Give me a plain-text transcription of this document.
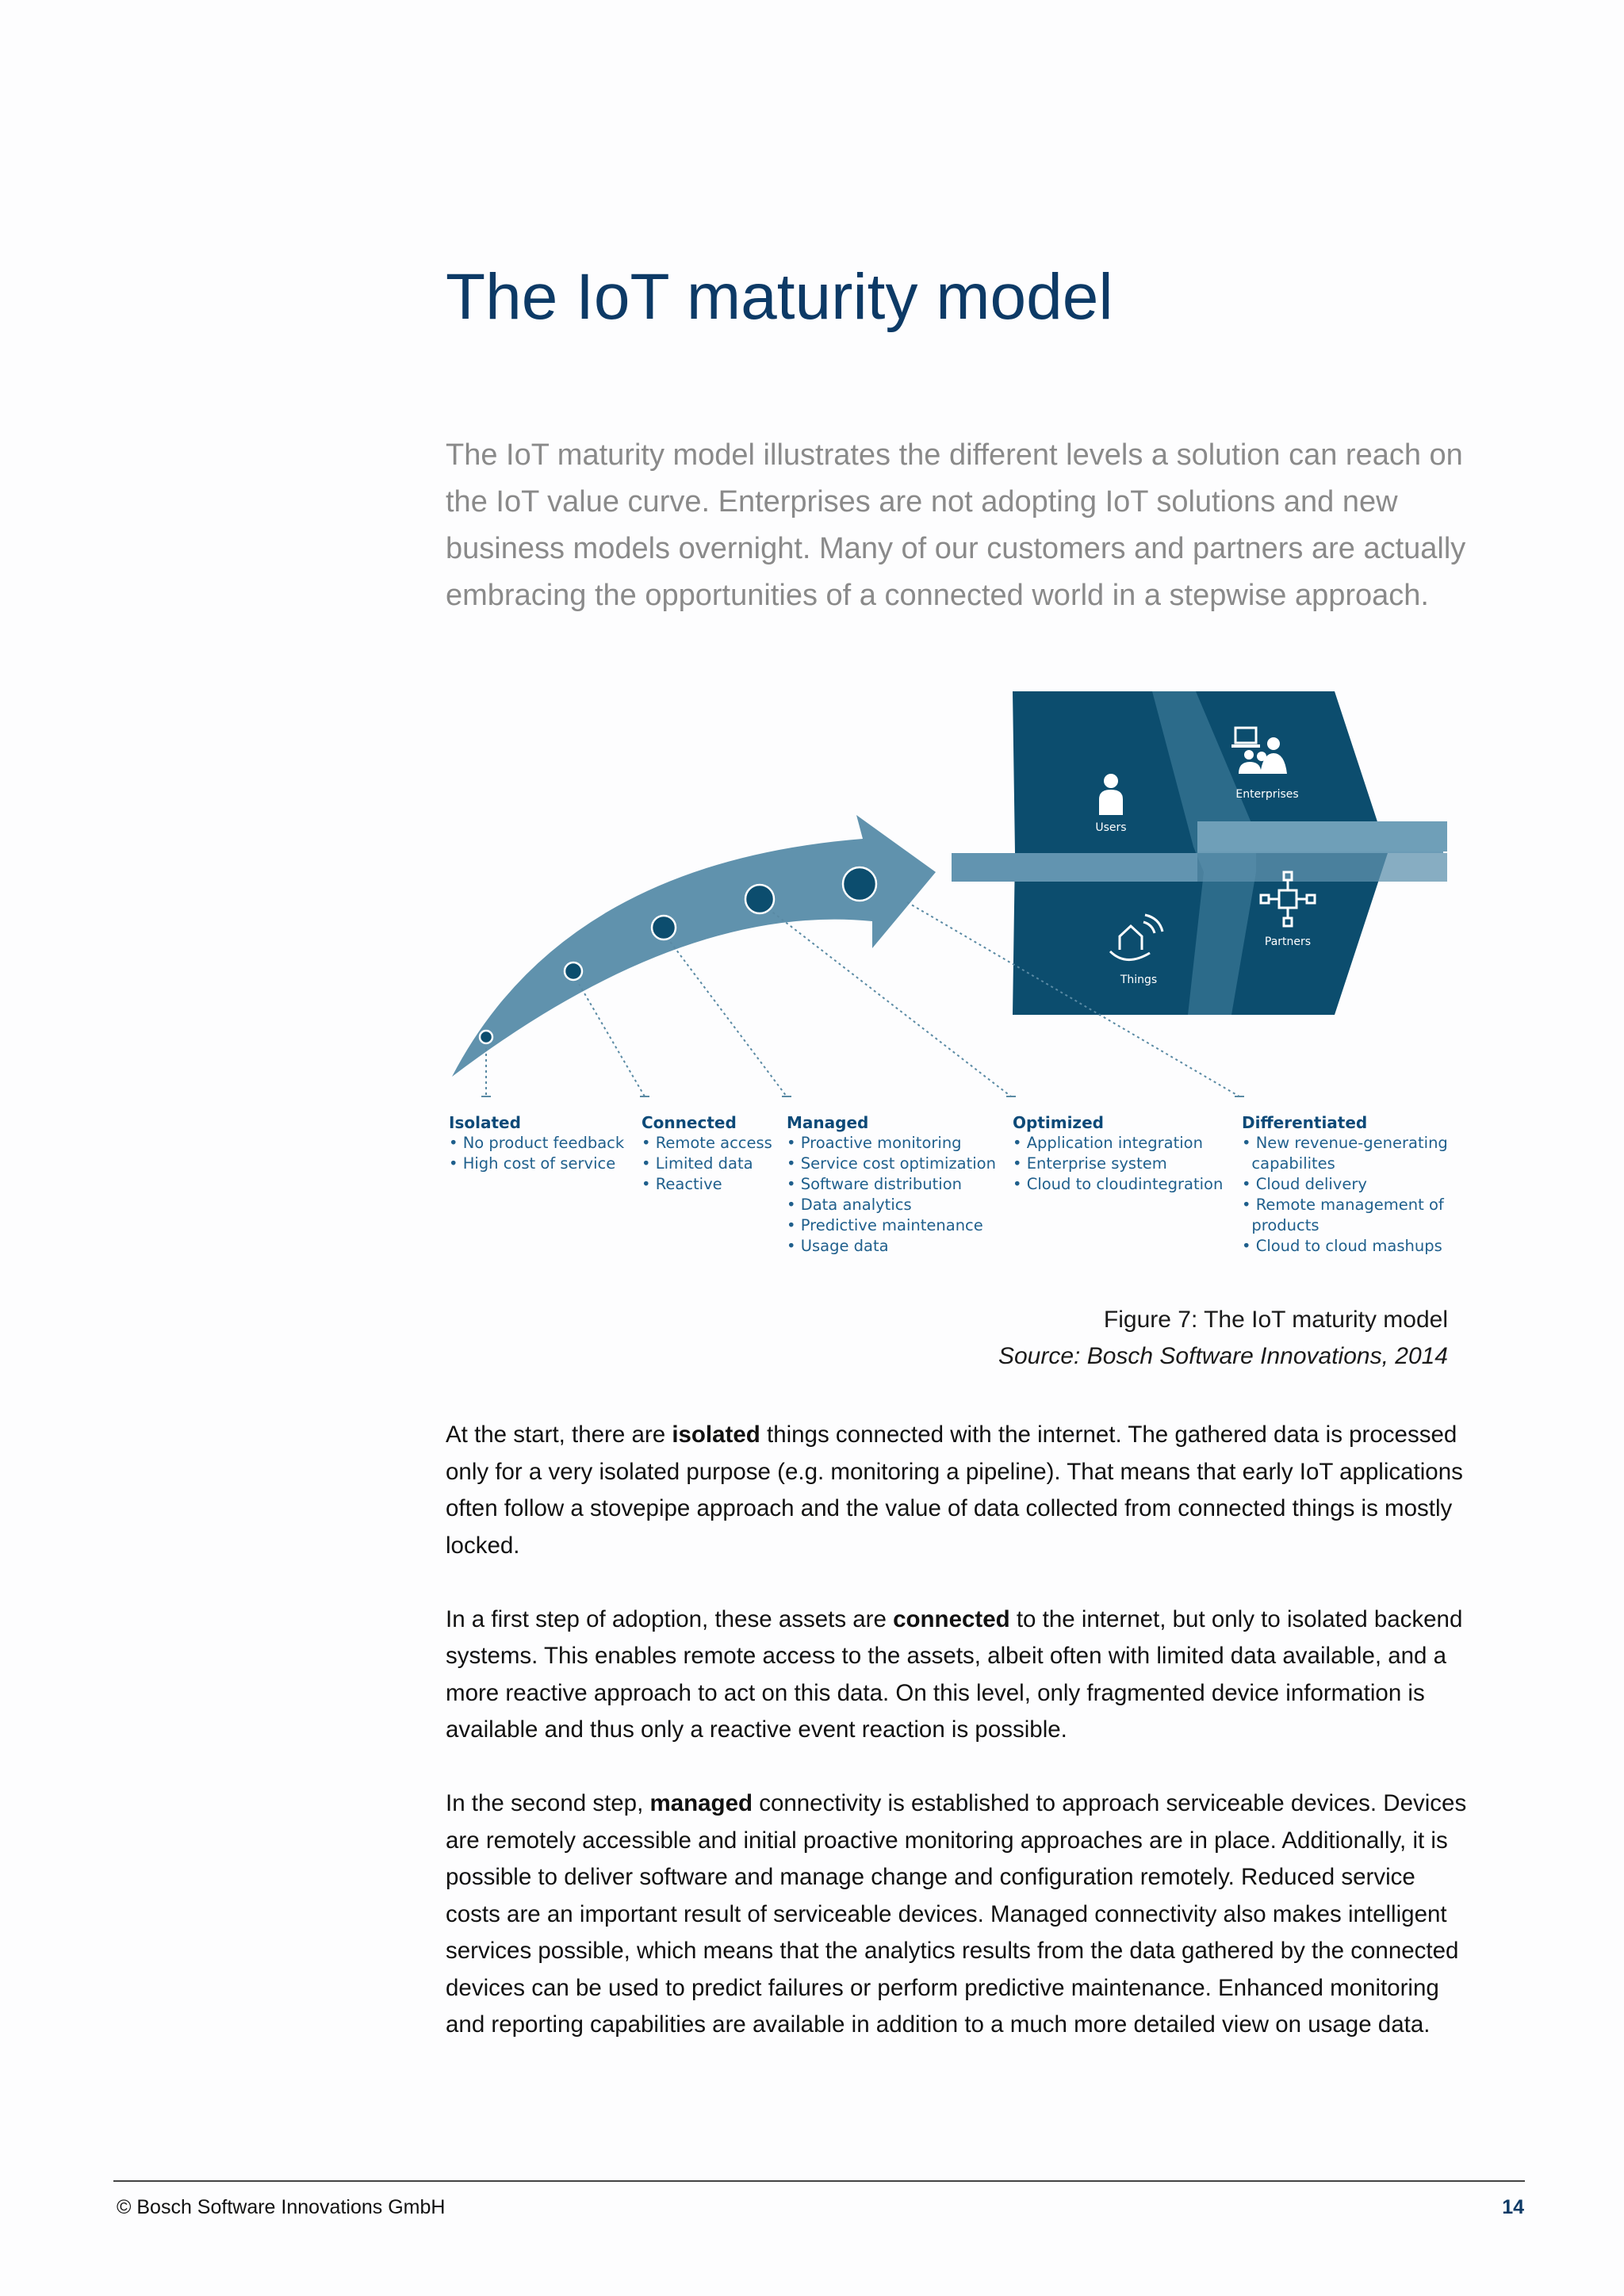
The IoT maturity model

The IoT maturity model illustrates the different levels a solution can reach on the IoT value curve. Enterprises are not adopting IoT solutions and new business models overnight. Many of our customers and partners are actually embracing the opportunities of a connected world in a stepwise approach.

Users
Enterprises
Partners
Things
Isolated
• No product feedback
• High cost of service
Connected
• Remote access
• Limited data
• Reactive
Managed
• Proactive monitoring
• Service cost optimization
• Software distribution
• Data analytics
• Predictive maintenance
• Usage data
Optimized
• Application integration
• Enterprise system
• Cloud to cloudintegration
Differentiated
• New revenue-generating
capabilites
• Cloud delivery
• Remote management of
products
• Cloud to cloud mashups
Figure 7: The IoT maturity model
Source: Bosch Software Innovations, 2014

At the start, there are isolated things connected with the internet. The gathered data is processed only for a very isolated purpose (e.g. monitoring a pipeline). That means that early IoT applications often follow a stovepipe approach and the value of data collected from connected things is mostly locked.

In a first step of adoption, these assets are connected to the internet, but only to isolated backend systems. This enables remote access to the assets, albeit often with limited data available, and a more reactive approach to act on this data. On this level, only fragmented device information is available and thus only a reactive event reaction is possible.

In the second step, managed connectivity is established to approach serviceable devices. Devices are remotely accessible and initial proactive monitoring approaches are in place. Additionally, it is possible to deliver software and manage change and configuration remotely. Reduced service costs are an important result of serviceable devices. Managed connectivity also makes intelligent services possible, which means that the analytics results from the data gathered by the connected devices can be used to predict failures or perform predictive maintenance. Enhanced monitoring and reporting capabilities are available in addition to a much more detailed view on usage data.

© Bosch Software Innovations GmbH	14
